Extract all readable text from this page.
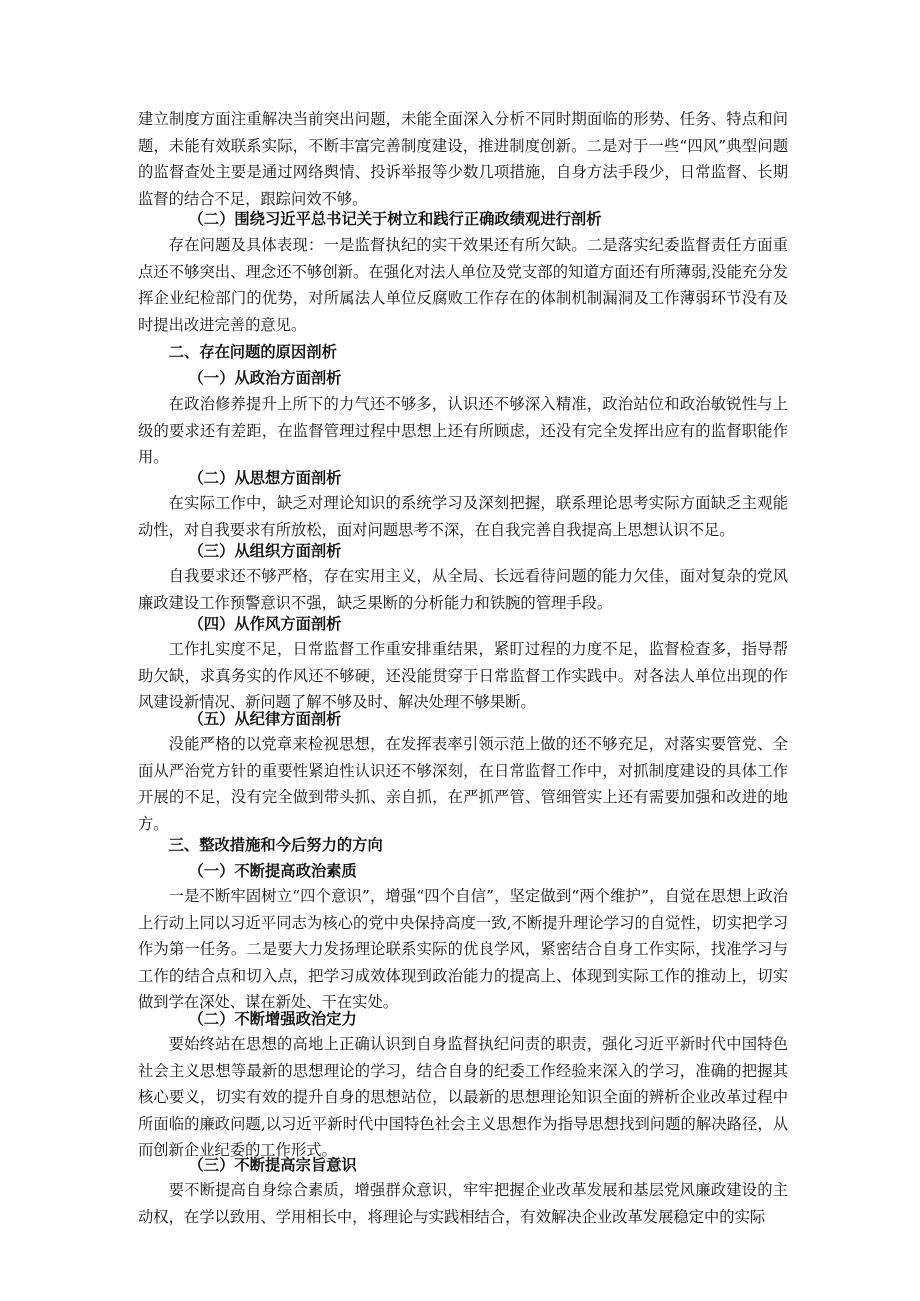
建立制度方面注重解决当前突出问题，未能全面深入分析不同时期面临的形势、任务、特点和问题，未能有效联系实际，不断丰富完善制度建设，推进制度创新。二是对于一些“四风”典型问题的监督查处主要是通过网络舆情、投诉举报等少数几项措施，自身方法手段少，日常监督、长期监督的结合不足，跟踪问效不够。

（二）围绕习近平总书记关于树立和践行正确政绩观进行剖析

存在问题及具体表现：一是监督执纪的实干效果还有所欠缺。二是落实纪委监督责任方面重点还不够突出、理念还不够创新。在强化对法人单位及党支部的知道方面还有所薄弱,没能充分发挥企业纪检部门的优势，对所属法人单位反腐败工作存在的体制机制漏洞及工作薄弱环节没有及时提出改进完善的意见。

二、存在问题的原因剖析

（一）从政治方面剖析

在政治修养提升上所下的力气还不够多，认识还不够深入精准，政治站位和政治敏锐性与上级的要求还有差距，在监督管理过程中思想上还有所顾虑，还没有完全发挥出应有的监督职能作用。

（二）从思想方面剖析

在实际工作中，缺乏对理论知识的系统学习及深刻把握，联系理论思考实际方面缺乏主观能动性，对自我要求有所放松，面对问题思考不深，在自我完善自我提高上思想认识不足。

（三）从组织方面剖析

自我要求还不够严格，存在实用主义，从全局、长远看待问题的能力欠佳，面对复杂的党风廉政建设工作预警意识不强，缺乏果断的分析能力和铁腕的管理手段。

（四）从作风方面剖析

工作扎实度不足，日常监督工作重安排重结果，紧盯过程的力度不足，监督检查多，指导帮助欠缺，求真务实的作风还不够硬，还没能贯穿于日常监督工作实践中。对各法人单位出现的作风建设新情况、新问题了解不够及时、解决处理不够果断。

（五）从纪律方面剖析

没能严格的以党章来检视思想，在发挥表率引领示范上做的还不够充足，对落实要管党、全面从严治党方针的重要性紧迫性认识还不够深刻，在日常监督工作中，对抓制度建设的具体工作开展的不足，没有完全做到带头抓、亲自抓，在严抓严管、管细管实上还有需要加强和改进的地方。

三、整改措施和今后努力的方向

（一）不断提高政治素质

一是不断牢固树立“四个意识”，增强“四个自信”，坚定做到“两个维护”，自觉在思想上政治上行动上同以习近平同志为核心的党中央保持高度一致,不断提升理论学习的自觉性，切实把学习作为第一任务。二是要大力发扬理论联系实际的优良学风，紧密结合自身工作实际，找准学习与工作的结合点和切入点，把学习成效体现到政治能力的提高上、体现到实际工作的推动上，切实做到学在深处、谋在新处、干在实处。

（二）不断增强政治定力

要始终站在思想的高地上正确认识到自身监督执纪问责的职责，强化习近平新时代中国特色社会主义思想等最新的思想理论的学习，结合自身的纪委工作经验来深入的学习，准确的把握其核心要义，切实有效的提升自身的思想站位，以最新的思想理论知识全面的辨析企业改革过程中所面临的廉政问题,以习近平新时代中国特色社会主义思想作为指导思想找到问题的解决路径，从而创新企业纪委的工作形式。

（三）不断提高宗旨意识

要不断提高自身综合素质，增强群众意识，牢牢把握企业改革发展和基层党风廉政建设的主动权，在学以致用、学用相长中，将理论与实践相结合，有效解决企业改革发展稳定中的实际
